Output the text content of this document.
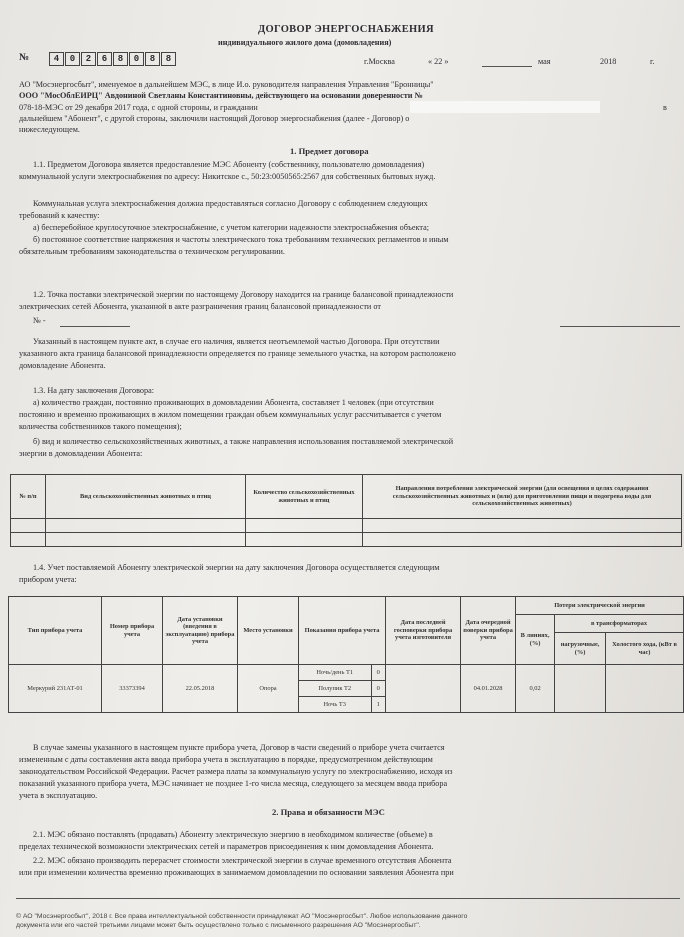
ДОГОВОР ЭНЕРГОСНАБЖЕНИЯ
индивидуального жилого дома (домовладения)
№	4	0	2	6	8	0	8	8	г.Москва	« 22 »	мая	2018	г.
АО "Мосэнергосбыт", именуемое в дальнейшем МЭС, в лице И.о. руководителя направления Управления "Бронницы"
ООО "МосОблЕИРЦ" Авдониной Светланы Константиновны, действующего на основании доверенности №
078-18-МЭС от 29 декабря 2017 года, с одной стороны, и гражданин	в
дальнейшем "Абонент", с другой стороны, заключили настоящий Договор энергоснабжения (далее - Договор) о
нижеследующем.
1. Предмет договора
1.1. Предметом Договора является предоставление МЭС Абоненту (собственнику, пользователю домовладения)
коммунальной услуги электроснабжения по адресу: Никитское с., 50:23:0050565:2567 для собственных бытовых нужд.
Коммунальная услуга электроснабжения должна предоставляться согласно Договору с соблюдением следующих
требований к качеству:
а) бесперебойное круглосуточное электроснабжение, с учетом категории надежности электроснабжения объекта;
б) постоянное соответствие напряжения и частоты электрического тока требованиям технических регламентов и иным
обязательным требованиям законодательства о техническом регулировании.
1.2. Точка поставки электрической энергии по настоящему Договору находится на границе балансовой принадлежности
электрических сетей Абонента, указанной в акте разграничения границ балансовой принадлежности от
№ -
Указанный в настоящем пункте акт, в случае его наличия, является неотъемлемой частью Договора. При отсутствии
указанного акта граница балансовой принадлежности определяется по границе земельного участка, на котором расположено
домовладение Абонента.
1.3. На дату заключения Договора:
а) количество граждан, постоянно проживающих в домовладении Абонента, составляет 1 человек (при отсутствии
постоянно и временно проживающих в жилом помещении граждан объем коммунальных услуг рассчитывается с учетом
количества собственников такого помещения);
б) вид и количество сельскохозяйственных животных, а также направления использования поставляемой электрической
энергии в домовладении Абонента:
№ п/п	Вид сельскохозяйственных животных в птиц	Количество сельскохозяйственных животных и птиц	Направления потребления электрической энергии (для освещения в целях содержания сельскохозяйственных животных и (или) для приготовления пищи и подогрева воды для сельскохозяйственных животных)

1.4. Учет поставляемой Абоненту электрической энергии на дату заключения Договора осуществляется следующим
прибором учета:
Тип прибора учета	Номер прибора учета	Дата установки (введения в эксплуатацию) прибора учета	Место установки	Показания прибора учета		Дата последней госповерки прибора учета изготовителя	Дата очередной поверки прибора учета	Потери электрической энергии		
								В линиях, (%)	в трансформаторах	
									нагрузочные, (%)	Холостого хода, (кВт в час)
Меркурий 231АТ-01	33373394	22.05.2018	Опора	Ночь/день Т1	0		04.01.2028	0,02		
				Полупик Т2	0					
				Ночь Т3	1					
В случае замены указанного в настоящем пункте прибора учета, Договор в части сведений о приборе учета считается
измененным с даты составления акта ввода прибора учета в эксплуатацию в порядке, предусмотренном действующим
законодательством Российской Федерации. Расчет размера платы за коммунальную услугу по электроснабжению, исходя из
показаний указанного прибора учета, МЭС начинает не позднее 1-го числа месяца, следующего за месяцем ввода прибора
учета в эксплуатацию.
2. Права и обязанности МЭС
2.1. МЭС обязано поставлять (продавать) Абоненту электрическую энергию в необходимом количестве (объеме) в
пределах технической возможности электрических сетей и параметров присоединения к ним домовладения Абонента.
2.2. МЭС обязано производить перерасчет стоимости электрической энергии в случае временного отсутствия Абонента
или при изменении количества временно проживающих в занимаемом домовладении по основании заявления Абонента при
© АО "Мосэнергосбыт", 2018 г. Все права интеллектуальной собственности принадлежат АО "Мосэнергосбыт". Любое использование данного
документа или его частей третьими лицами может быть осуществлено только с письменного разрешения АО "Мосэнергосбыт".
